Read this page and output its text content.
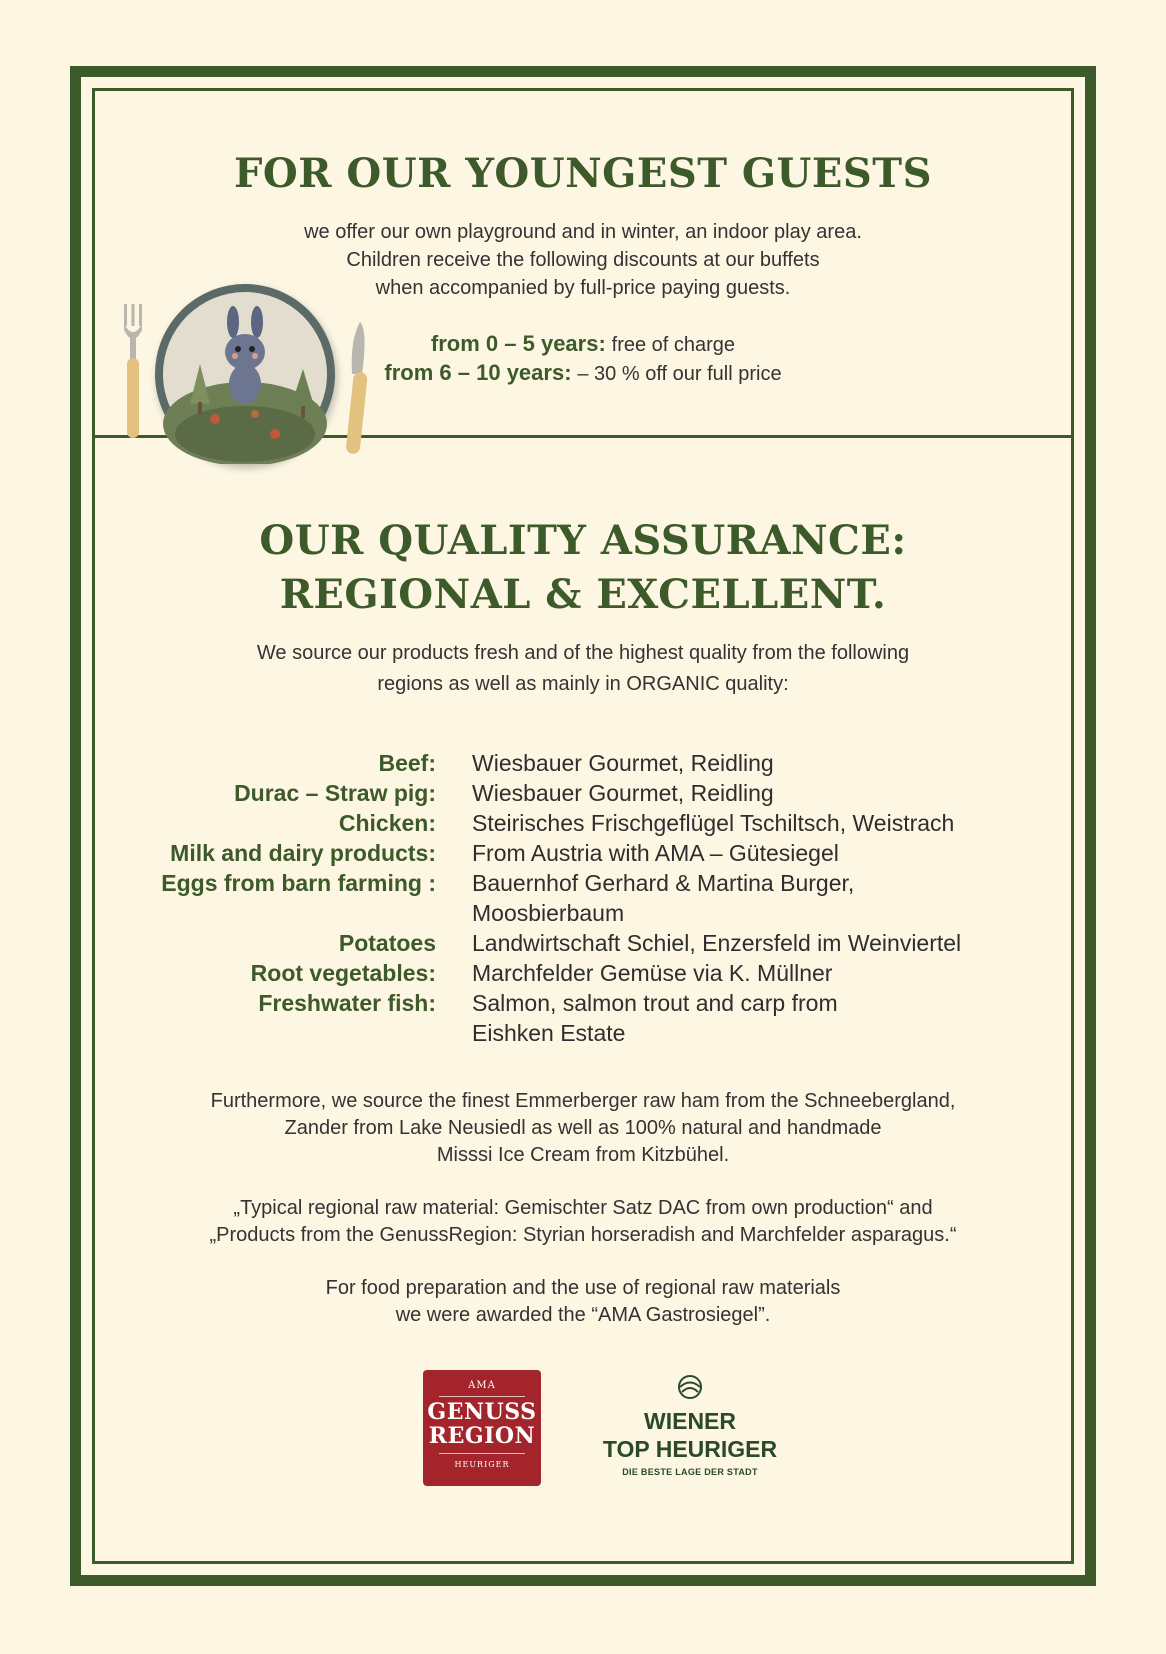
FOR OUR YOUNGEST GUESTS

we offer our own playground and in winter, an indoor play area.
Children receive the following discounts at our buffets
when accompanied by full-price paying guests.

from 0 – 5 years: free of charge
from 6 – 10 years: – 30 % off our full price
OUR QUALITY ASSURANCE:
REGIONAL & EXCELLENT.

We source our products fresh and of the highest quality from the following
regions as well as mainly in ORGANIC quality:

Beef:	Wiesbauer Gourmet, Reidling
Durac – Straw pig:	Wiesbauer Gourmet, Reidling
Chicken:	Steirisches Frischgeflügel Tschiltsch, Weistrach
Milk and dairy products:	From Austria with AMA – Gütesiegel
Eggs from barn farming :	Bauernhof Gerhard & Martina Burger,
Moosbierbaum
Potatoes	Landwirtschaft Schiel, Enzersfeld im Weinviertel
Root vegetables:	Marchfelder Gemüse via K. Müllner
Freshwater fish:	Salmon, salmon trout and carp from
Eishken Estate

Furthermore, we source the finest Emmerberger raw ham from the Schneebergland,
Zander from Lake Neusiedl as well as 100% natural and handmade
Misssi Ice Cream from Kitzbühel.

„Typical regional raw material: Gemischter Satz DAC from own production“ and
„Products from the GenussRegion: Styrian horseradish and Marchfelder asparagus.“

For food preparation and the use of regional raw materials
we were awarded the “AMA Gastrosiegel”.

AMA
GENUSS
REGION
HEURIGER
WIENER
TOP HEURIGER
DIE BESTE LAGE DER STADT
